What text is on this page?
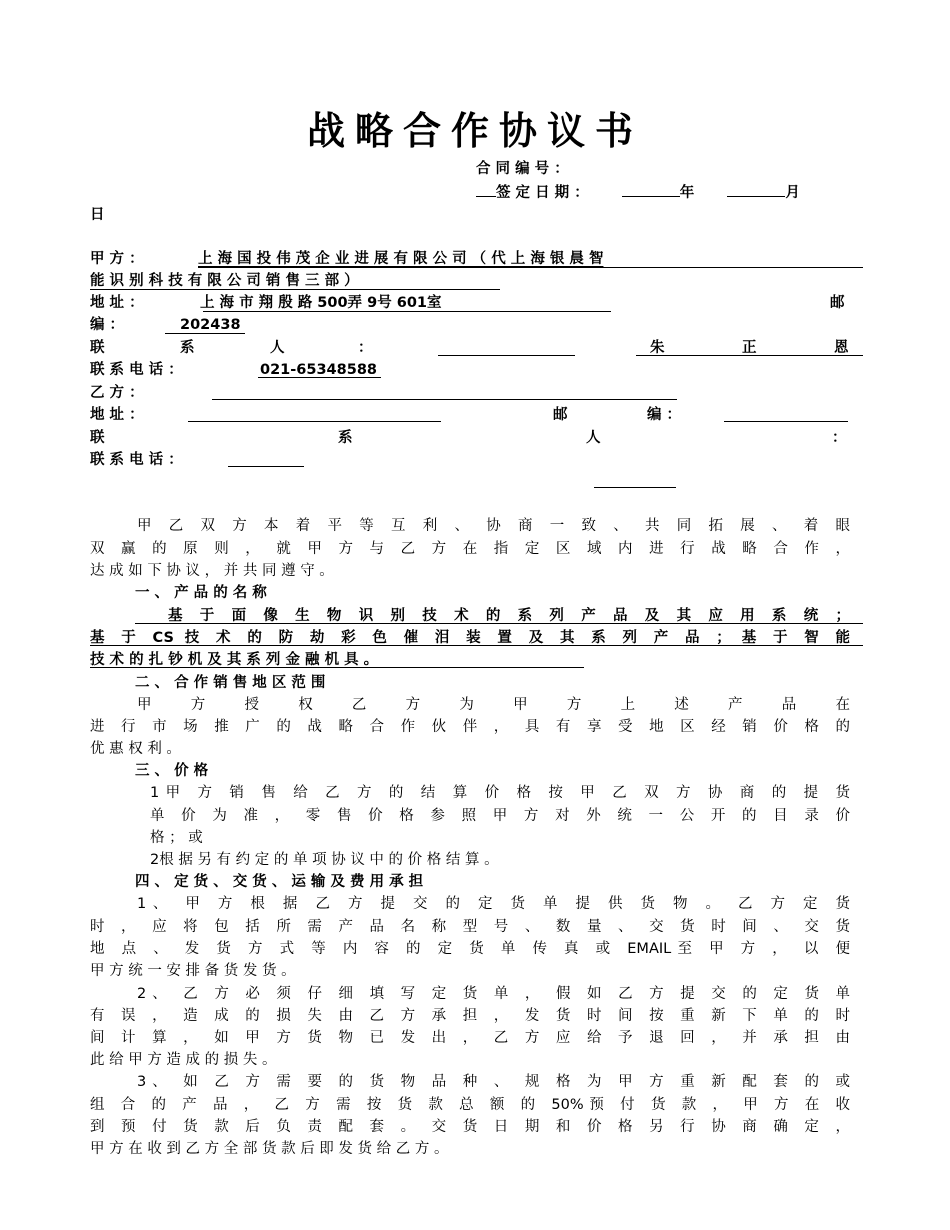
战略合作协议书
合 同 编 号 ：
签 定 日 期 ：	年	月
日
甲 方 ：	上 海 国 投 伟 茂 企 业 进 展 有 限 公 司 （ 代 上 海 银 晨 智
能 识 别 科 技 有 限 公 司 销 售 三 部 ）
地 址 ：	上 海 市 翔 殷 路 500弄 9号 601室	邮
编 ：	202438
联	系	人	：	朱	正	恩
联 系 电 话 ：	021-65348588
乙 方 ：
地 址 ：	邮	编 ：
联	系	人	：
联 系 电 话 ：
甲 乙 双 方 本 着 平 等 互 利 、 协 商 一 致 、 共 同 拓 展 、 着 眼
双 赢 的 原 则 ， 就 甲 方 与 乙 方 在 指 定 区 域 内 进 行 战 略 合 作 ，
达 成 如 下 协 议 ， 并 共 同 遵 守 。
一 、 产 品 的 名 称
基 于 面 像 生 物 识 别 技 术 的 系 列 产 品 及 其 应 用 系 统 ；
基 于 CS 技 术 的 防 劫 彩 色 催 泪 装 置 及 其 系 列 产 品 ； 基 于 智 能
技 术 的 扎 钞 机 及 其 系 列 金 融 机 具 。
二 、 合 作 销 售 地 区 范 围
甲 方 授 权 乙 方 为 甲 方 上 述 产 品 在
进 行 市 场 推 广 的 战 略 合 作 伙 伴 ， 具 有 享 受 地 区 经 销 价 格 的
优 惠 权 利 。
三 、 价 格
1甲 方 销 售 给 乙 方 的 结 算 价 格 按 甲 乙 双 方 协 商 的 提 货
单 价 为 准 ， 零 售 价 格 参 照 甲 方 对 外 统 一 公 开 的 目 录 价
格 ； 或
2根 据 另 有 约 定 的 单 项 协 议 中 的 价 格 结 算 。
四 、 定 货 、 交 货 、 运 输 及 费 用 承 担
1、 甲 方 根 据 乙 方 提 交 的 定 货 单 提 供 货 物 。 乙 方 定 货
时 ， 应 将 包 括 所 需 产 品 名 称 型 号 、 数 量 、 交 货 时 间 、 交 货
地 点 、 发 货 方 式 等 内 容 的 定 货 单 传 真 或 EMAIL至 甲 方 ， 以 便
甲 方 统 一 安 排 备 货 发 货 。
2、 乙 方 必 须 仔 细 填 写 定 货 单 ， 假 如 乙 方 提 交 的 定 货 单
有 误 ， 造 成 的 损 失 由 乙 方 承 担 ， 发 货 时 间 按 重 新 下 单 的 时
间 计 算 ， 如 甲 方 货 物 已 发 出 ， 乙 方 应 给 予 退 回 ， 并 承 担 由
此 给 甲 方 造 成 的 损 失 。
3、 如 乙 方 需 要 的 货 物 品 种 、 规 格 为 甲 方 重 新 配 套 的 或
组 合 的 产 品 ， 乙 方 需 按 货 款 总 额 的 50%预 付 货 款 ， 甲 方 在 收
到 预 付 货 款 后 负 责 配 套 。 交 货 日 期 和 价 格 另 行 协 商 确 定 ，
甲 方 在 收 到 乙 方 全 部 货 款 后 即 发 货 给 乙 方 。
